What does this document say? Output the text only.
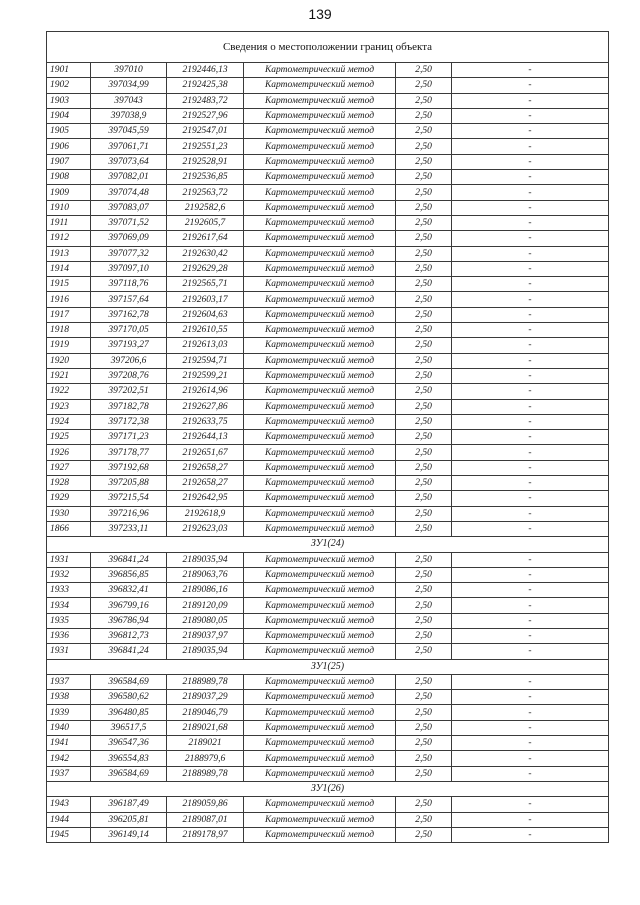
139
Сведения о местоположении границ объекта					
1901	397010	2192446,13	Картометрический метод	2,50	-
1902	397034,99	2192425,38	Картометрический метод	2,50	-
1903	397043	2192483,72	Картометрический метод	2,50	-
1904	397038,9	2192527,96	Картометрический метод	2,50	-
1905	397045,59	2192547,01	Картометрический метод	2,50	-
1906	397061,71	2192551,23	Картометрический метод	2,50	-
1907	397073,64	2192528,91	Картометрический метод	2,50	-
1908	397082,01	2192536,85	Картометрический метод	2,50	-
1909	397074,48	2192563,72	Картометрический метод	2,50	-
1910	397083,07	2192582,6	Картометрический метод	2,50	-
1911	397071,52	2192605,7	Картометрический метод	2,50	-
1912	397069,09	2192617,64	Картометрический метод	2,50	-
1913	397077,32	2192630,42	Картометрический метод	2,50	-
1914	397097,10	2192629,28	Картометрический метод	2,50	-
1915	397118,76	2192565,71	Картометрический метод	2,50	-
1916	397157,64	2192603,17	Картометрический метод	2,50	-
1917	397162,78	2192604,63	Картометрический метод	2,50	-
1918	397170,05	2192610,55	Картометрический метод	2,50	-
1919	397193,27	2192613,03	Картометрический метод	2,50	-
1920	397206,6	2192594,71	Картометрический метод	2,50	-
1921	397208,76	2192599,21	Картометрический метод	2,50	-
1922	397202,51	2192614,96	Картометрический метод	2,50	-
1923	397182,78	2192627,86	Картометрический метод	2,50	-
1924	397172,38	2192633,75	Картометрический метод	2,50	-
1925	397171,23	2192644,13	Картометрический метод	2,50	-
1926	397178,77	2192651,67	Картометрический метод	2,50	-
1927	397192,68	2192658,27	Картометрический метод	2,50	-
1928	397205,88	2192658,27	Картометрический метод	2,50	-
1929	397215,54	2192642,95	Картометрический метод	2,50	-
1930	397216,96	2192618,9	Картометрический метод	2,50	-
1866	397233,11	2192623,03	Картометрический метод	2,50	-
ЗУ1(24)					
1931	396841,24	2189035,94	Картометрический метод	2,50	-
1932	396856,85	2189063,76	Картометрический метод	2,50	-
1933	396832,41	2189086,16	Картометрический метод	2,50	-
1934	396799,16	2189120,09	Картометрический метод	2,50	-
1935	396786,94	2189080,05	Картометрический метод	2,50	-
1936	396812,73	2189037,97	Картометрический метод	2,50	-
1931	396841,24	2189035,94	Картометрический метод	2,50	-
ЗУ1(25)					
1937	396584,69	2188989,78	Картометрический метод	2,50	-
1938	396580,62	2189037,29	Картометрический метод	2,50	-
1939	396480,85	2189046,79	Картометрический метод	2,50	-
1940	396517,5	2189021,68	Картометрический метод	2,50	-
1941	396547,36	2189021	Картометрический метод	2,50	-
1942	396554,83	2188979,6	Картометрический метод	2,50	-
1937	396584,69	2188989,78	Картометрический метод	2,50	-
ЗУ1(26)					
1943	396187,49	2189059,86	Картометрический метод	2,50	-
1944	396205,81	2189087,01	Картометрический метод	2,50	-
1945	396149,14	2189178,97	Картометрический метод	2,50	-
